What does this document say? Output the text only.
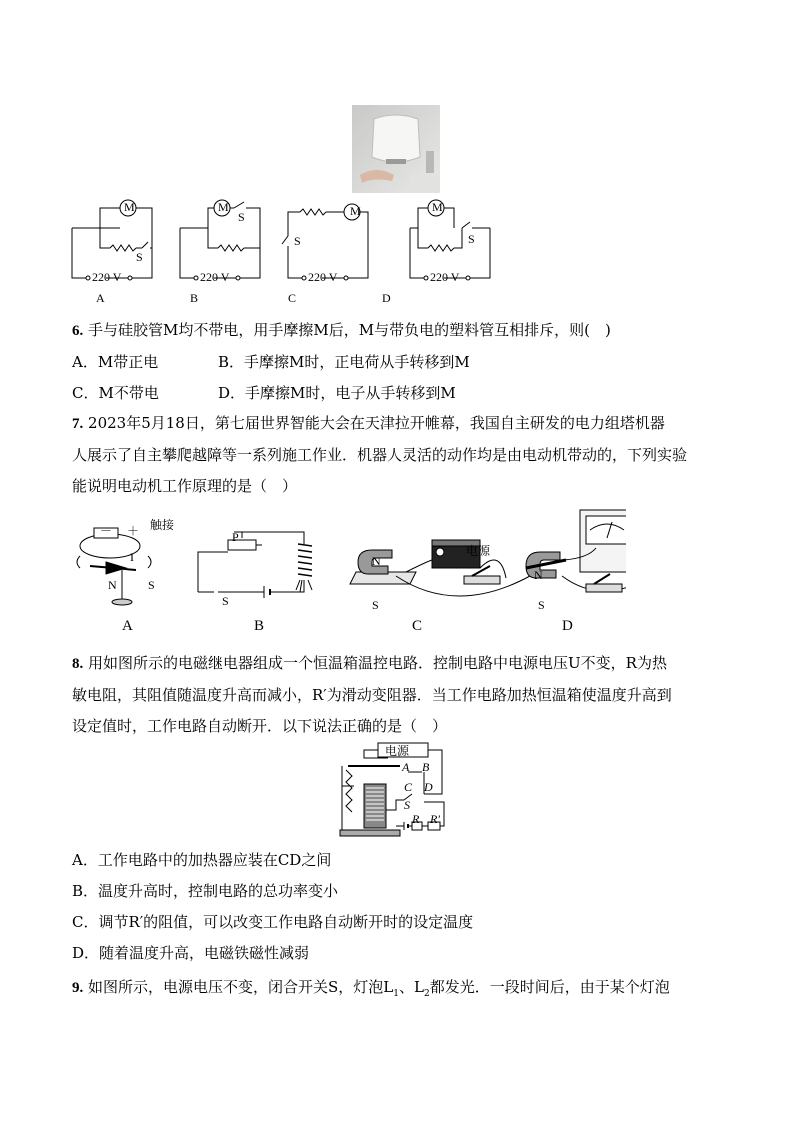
M
S
220 V
M
S
220 V
M
S
220 V
M
S
220 V
A	B	C	D
6. 手与硅胶管M均不带电，用手摩擦M后，M与带负电的塑料管互相排斥，则(　)
A．M带正电	B．手摩擦M时，正电荷从手转移到M
C．M不带电	D．手摩擦M时，电子从手转移到M
7. 2023年5月18日，第七届世界智能大会在天津拉开帷幕，我国自主研发的电力组塔机器
人展示了自主攀爬越障等一系列施工作业．机器人灵活的动作均是由电动机带动的，下列实验
能说明电动机工作原理的是（　）
－　 ＋ 触接
I
N	S
P
S
N
S
电源
N
S
A	B	C	D
8. 用如图所示的电磁继电器组成一个恒温箱温控电路．控制电路中电源电压U不变，R为热
敏电阻，其阻值随温度升高而减小，R′为滑动变阻器．当工作电路加热恒温箱使温度升高到
设定值时，工作电路自动断开．以下说法正确的是（　）
电源
A B
C D
S
R R′
A．工作电路中的加热器应装在CD之间
B．温度升高时，控制电路的总功率变小
C．调节R′的阻值，可以改变工作电路自动断开时的设定温度
D．随着温度升高，电磁铁磁性减弱
9. 如图所示，电源电压不变，闭合开关S，灯泡$L_1$、$L_2$都发光．一段时间后，由于某个灯泡
